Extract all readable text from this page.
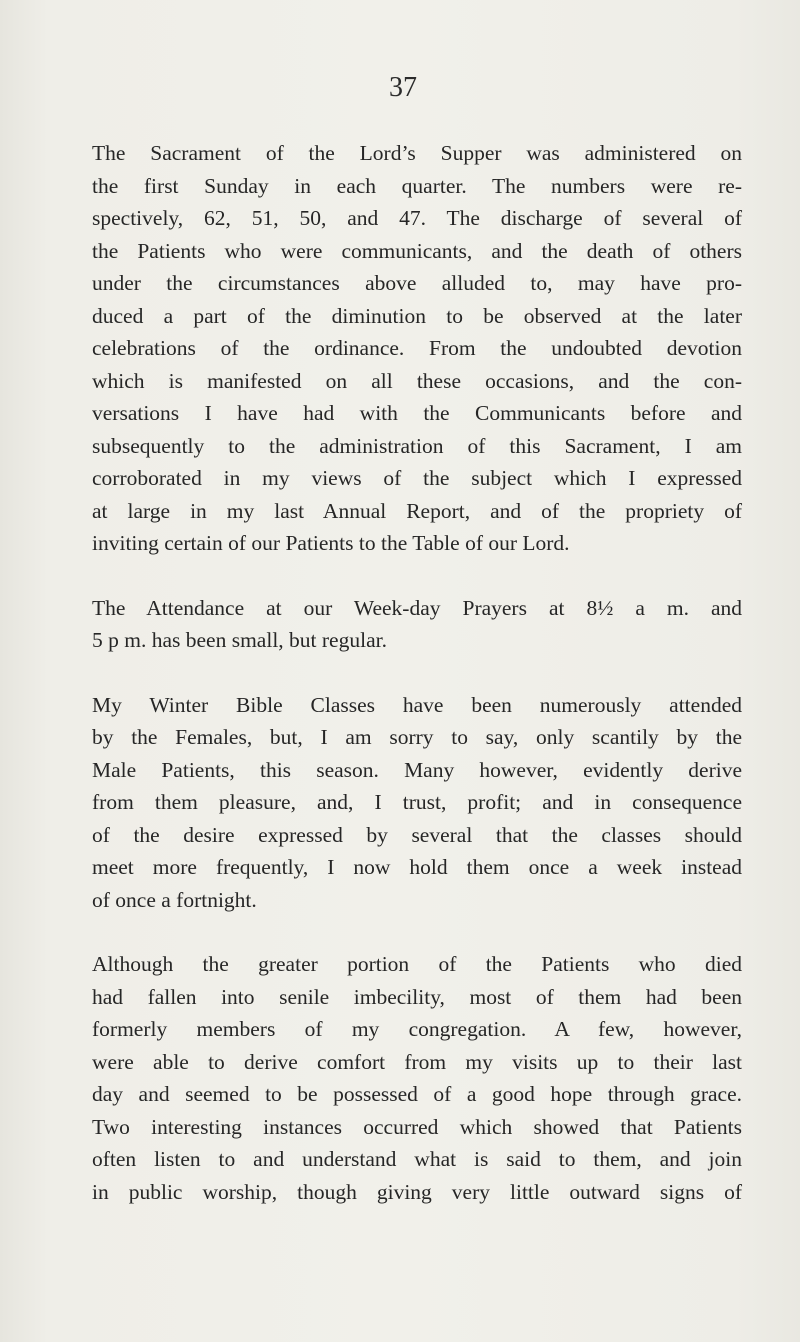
37

The Sacrament of the Lord’s Supper was administered on
the first Sunday in each quarter. The numbers were re-
spectively, 62, 51, 50, and 47. The discharge of several of
the Patients who were communicants, and the death of others
under the circumstances above alluded to, may have pro-
duced a part of the diminution to be observed at the later
celebrations of the ordinance. From the undoubted devotion
which is manifested on all these occasions, and the con-
versations I have had with the Communicants before and
subsequently to the administration of this Sacrament, I am
corroborated in my views of the subject which I expressed
at large in my last Annual Report, and of the propriety of
inviting certain of our Patients to the Table of our Lord.
The Attendance at our Week-day Prayers at 8½ a m. and
5 p m. has been small, but regular.
My Winter Bible Classes have been numerously attended
by the Females, but, I am sorry to say, only scantily by the
Male Patients, this season. Many however, evidently derive
from them pleasure, and, I trust, profit; and in consequence
of the desire expressed by several that the classes should
meet more frequently, I now hold them once a week instead
of once a fortnight.
Although the greater portion of the Patients who died
had fallen into senile imbecility, most of them had been
formerly members of my congregation. A few, however,
were able to derive comfort from my visits up to their last
day and seemed to be possessed of a good hope through grace.
Two interesting instances occurred which showed that Patients
often listen to and understand what is said to them, and join
in public worship, though giving very little outward signs of
